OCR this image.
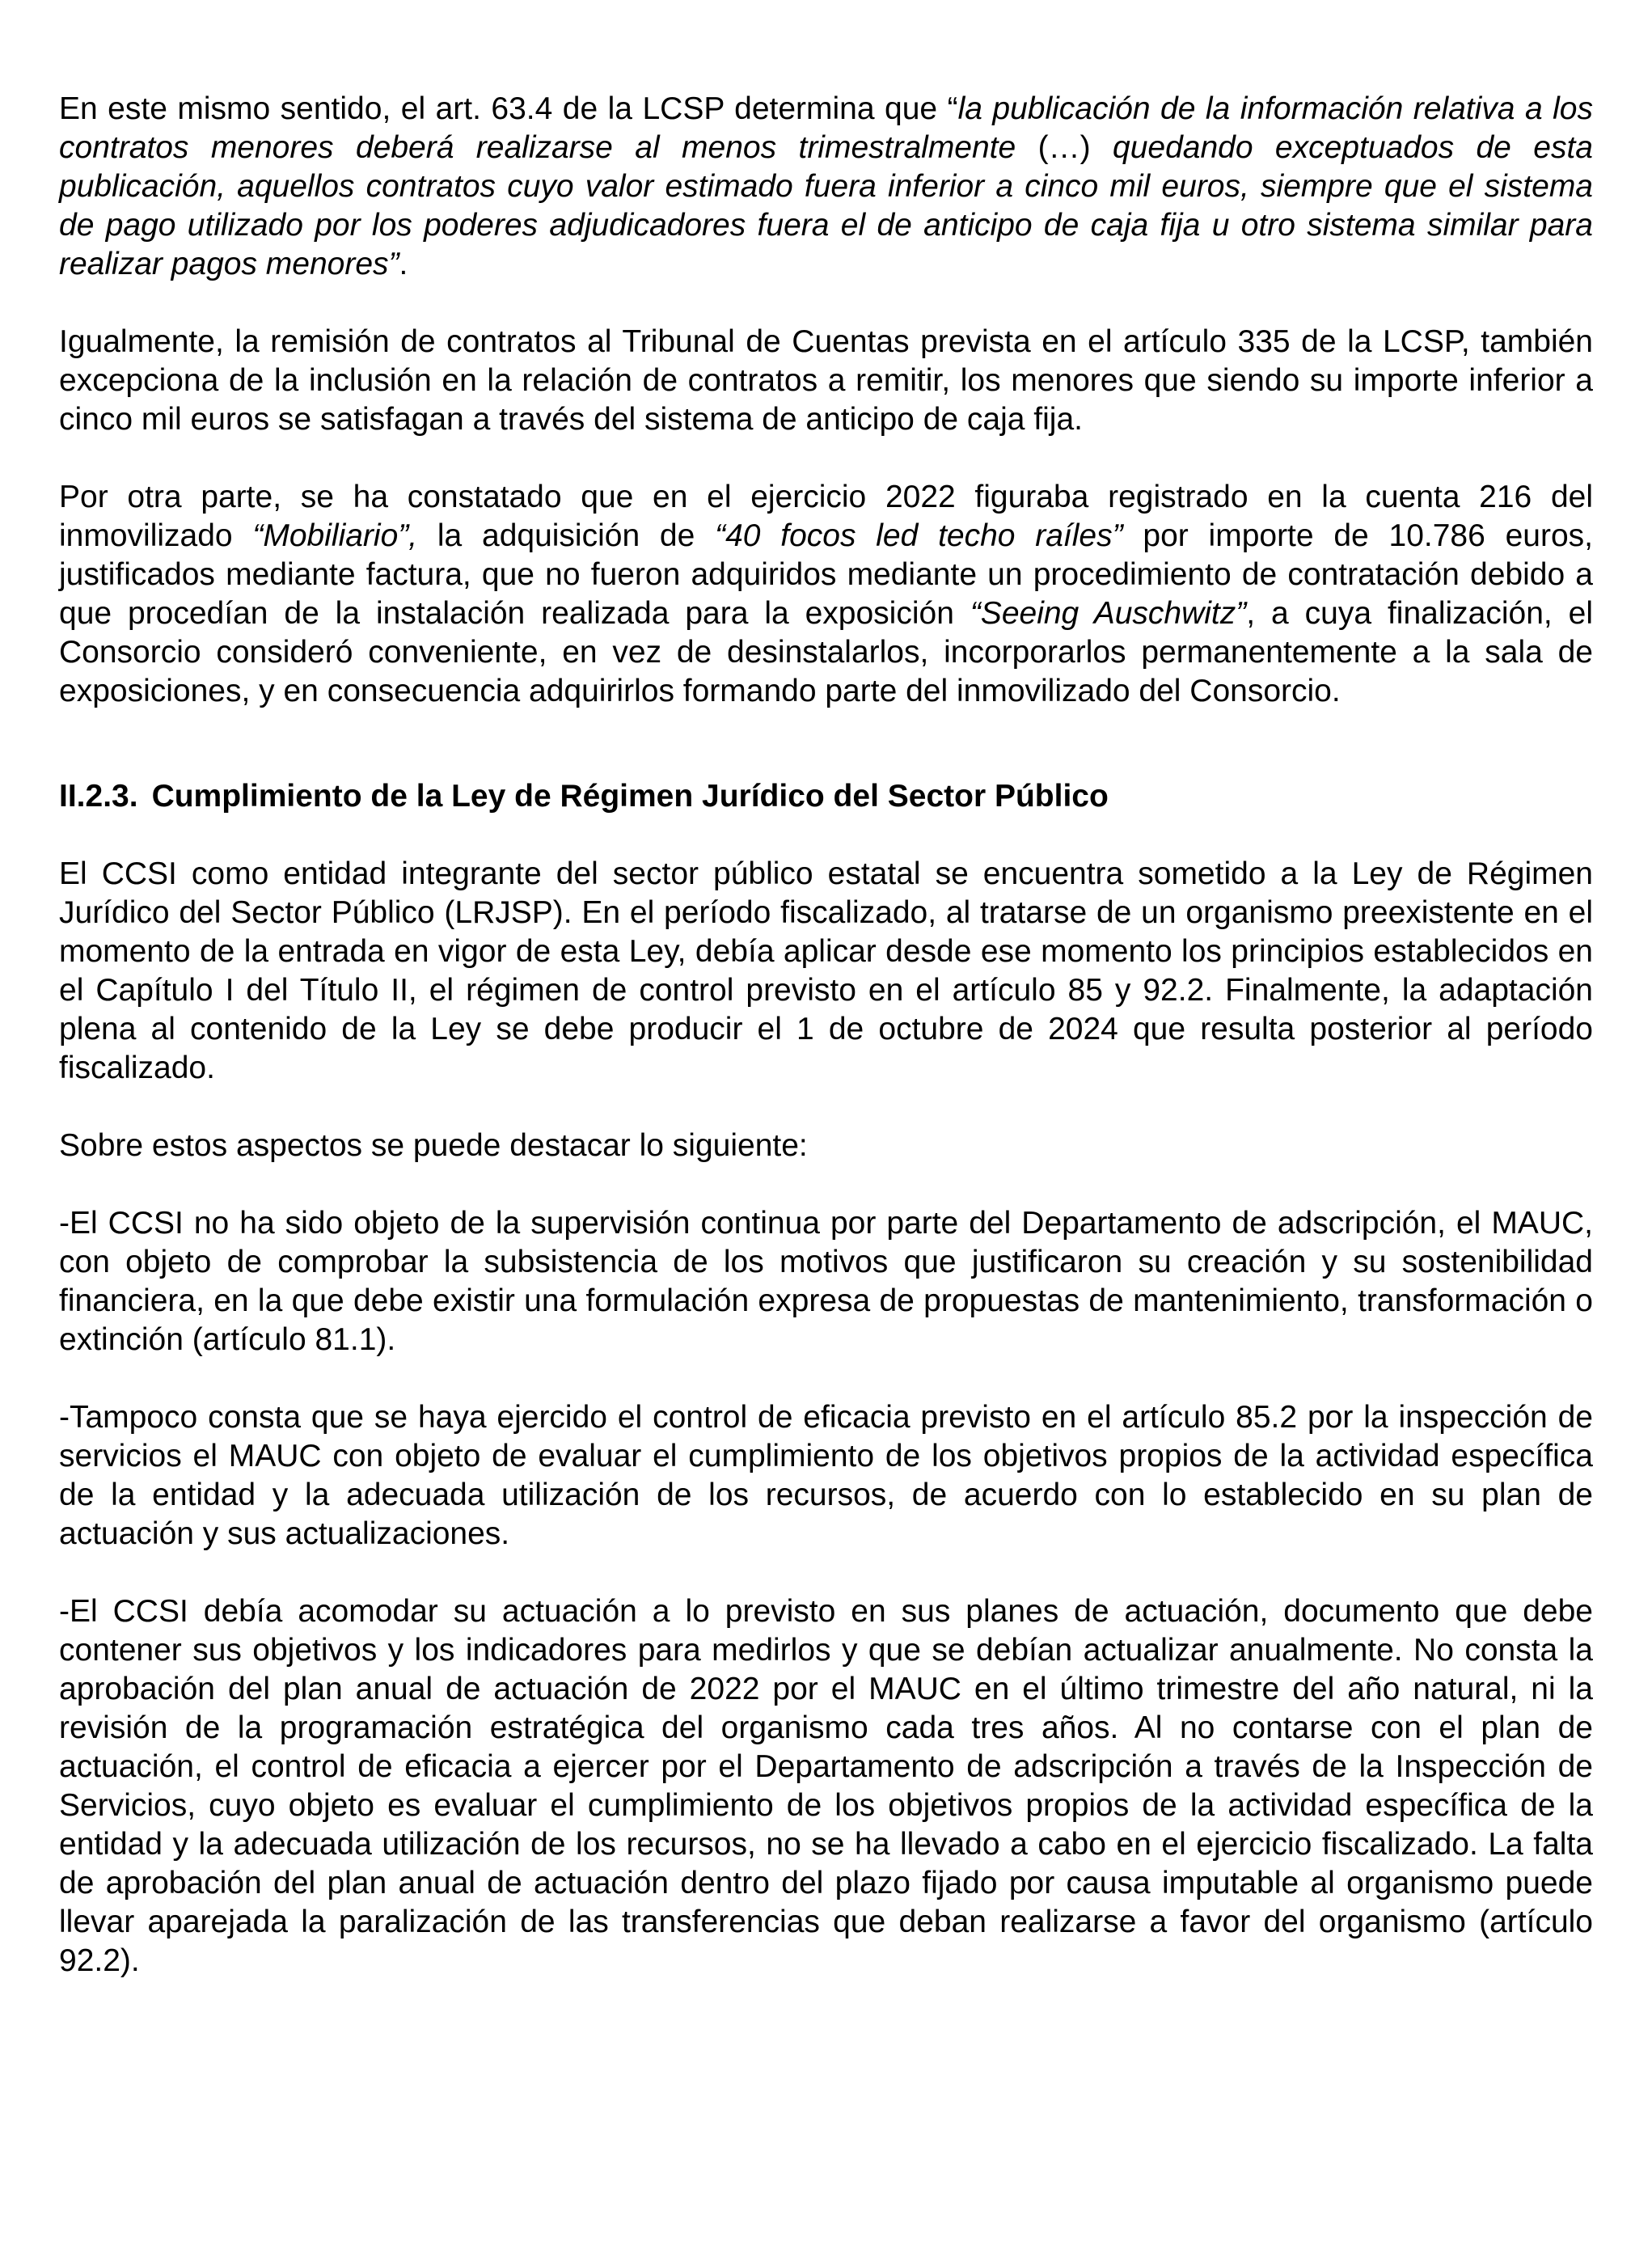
En este mismo sentido, el art. 63.4 de la LCSP determina que “la publicación de la información relativa a los contratos menores deberá realizarse al menos trimestralmente (…) quedando exceptuados de esta publicación, aquellos contratos cuyo valor estimado fuera inferior a cinco mil euros, siempre que el sistema de pago utilizado por los poderes adjudicadores fuera el de anticipo de caja fija u otro sistema similar para realizar pagos menores”.

Igualmente, la remisión de contratos al Tribunal de Cuentas prevista en el artículo 335 de la LCSP, también excepciona de la inclusión en la relación de contratos a remitir, los menores que siendo su importe inferior a cinco mil euros se satisfagan a través del sistema de anticipo de caja fija.

Por otra parte, se ha constatado que en el ejercicio 2022 figuraba registrado en la cuenta 216 del inmovilizado “Mobiliario”, la adquisición de “40 focos led techo raíles” por importe de 10.786 euros, justificados mediante factura, que no fueron adquiridos mediante un procedimiento de contratación debido a que procedían de la instalación realizada para la exposición “Seeing Auschwitz”, a cuya finalización, el Consorcio consideró conveniente, en vez de desinstalarlos, incorporarlos permanentemente a la sala de exposiciones, y en consecuencia adquirirlos formando parte del inmovilizado del Consorcio.

II.2.3. Cumplimiento de la Ley de Régimen Jurídico del Sector Público

El CCSI como entidad integrante del sector público estatal se encuentra sometido a la Ley de Régimen Jurídico del Sector Público (LRJSP). En el período fiscalizado, al tratarse de un organismo preexistente en el momento de la entrada en vigor de esta Ley, debía aplicar desde ese momento los principios establecidos en el Capítulo I del Título II, el régimen de control previsto en el artículo 85 y 92.2. Finalmente, la adaptación plena al contenido de la Ley se debe producir el 1 de octubre de 2024 que resulta posterior al período fiscalizado.

Sobre estos aspectos se puede destacar lo siguiente:

-El CCSI no ha sido objeto de la supervisión continua por parte del Departamento de adscripción, el MAUC, con objeto de comprobar la subsistencia de los motivos que justificaron su creación y su sostenibilidad financiera, en la que debe existir una formulación expresa de propuestas de mantenimiento, transformación o extinción (artículo 81.1).

-Tampoco consta que se haya ejercido el control de eficacia previsto en el artículo 85.2 por la inspección de servicios el MAUC con objeto de evaluar el cumplimiento de los objetivos propios de la actividad específica de la entidad y la adecuada utilización de los recursos, de acuerdo con lo establecido en su plan de actuación y sus actualizaciones.

-El CCSI debía acomodar su actuación a lo previsto en sus planes de actuación, documento que debe contener sus objetivos y los indicadores para medirlos y que se debían actualizar anualmente. No consta la aprobación del plan anual de actuación de 2022 por el MAUC en el último trimestre del año natural, ni la revisión de la programación estratégica del organismo cada tres años. Al no contarse con el plan de actuación, el control de eficacia a ejercer por el Departamento de adscripción a través de la Inspección de Servicios, cuyo objeto es evaluar el cumplimiento de los objetivos propios de la actividad específica de la entidad y la adecuada utilización de los recursos, no se ha llevado a cabo en el ejercicio fiscalizado. La falta de aprobación del plan anual de actuación dentro del plazo fijado por causa imputable al organismo puede llevar aparejada la paralización de las transferencias que deban realizarse a favor del organismo (artículo 92.2).
